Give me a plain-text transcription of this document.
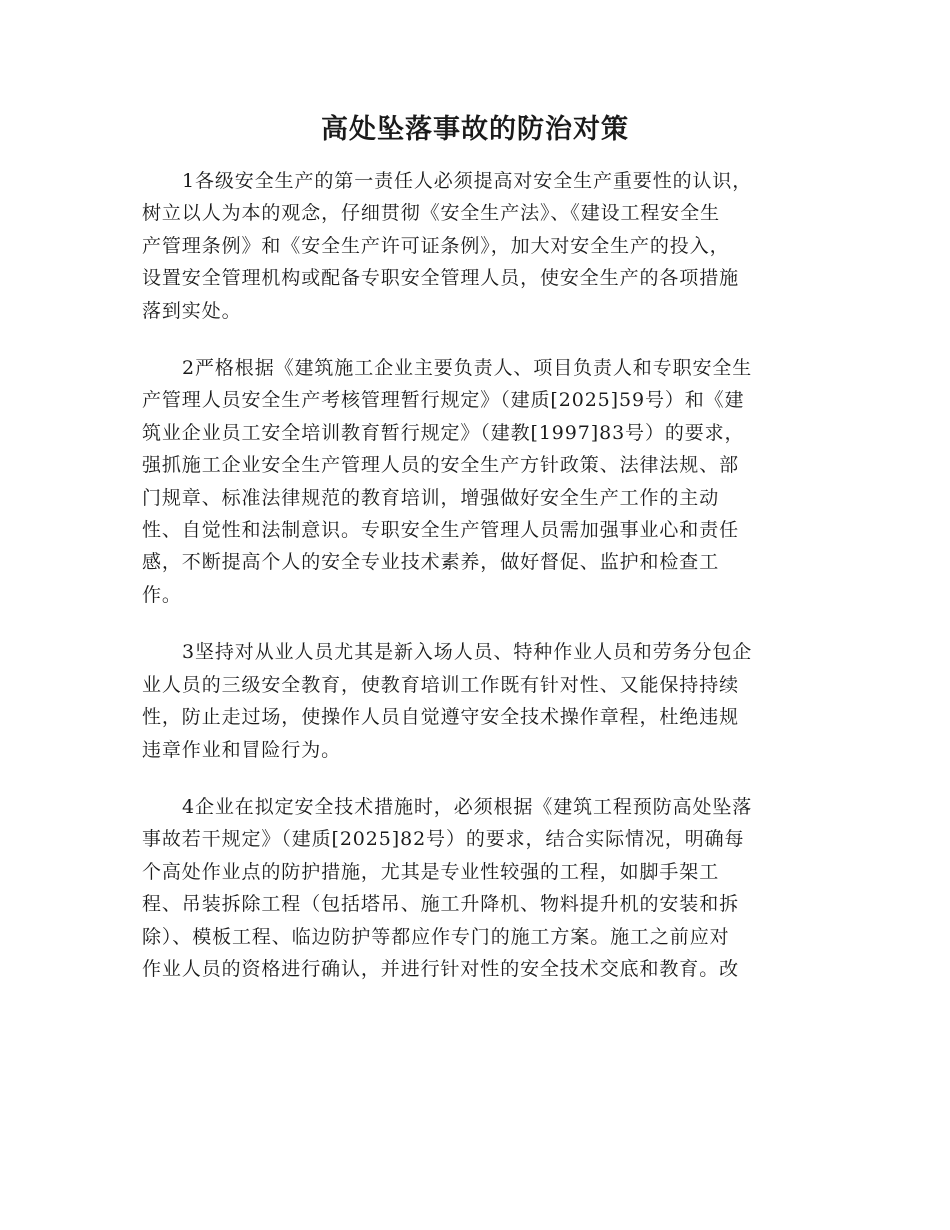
高处坠落事故的防治对策
1各级安全生产的第一责任人必须提高对安全生产重要性的认识，
树立以人为本的观念，仔细贯彻《安全生产法》、《建设工程安全生
产管理条例》和《安全生产许可证条例》，加大对安全生产的投入，
设置安全管理机构或配备专职安全管理人员，使安全生产的各项措施
落到实处。
2严格根据《建筑施工企业主要负责人、项目负责人和专职安全生
产管理人员安全生产考核管理暂行规定》（建质[2025]59号）和《建
筑业企业员工安全培训教育暂行规定》（建教[1997]83号）的要求，
强抓施工企业安全生产管理人员的安全生产方针政策、法律法规、部
门规章、标准法律规范的教育培训，增强做好安全生产工作的主动
性、自觉性和法制意识。专职安全生产管理人员需加强事业心和责任
感，不断提高个人的安全专业技术素养，做好督促、监护和检查工
作。
3坚持对从业人员尤其是新入场人员、特种作业人员和劳务分包企
业人员的三级安全教育，使教育培训工作既有针对性、又能保持持续
性，防止走过场，使操作人员自觉遵守安全技术操作章程，杜绝违规
违章作业和冒险行为。
4企业在拟定安全技术措施时，必须根据《建筑工程预防高处坠落
事故若干规定》（建质[2025]82号）的要求，结合实际情况，明确每
个高处作业点的防护措施，尤其是专业性较强的工程，如脚手架工
程、吊装拆除工程（包括塔吊、施工升降机、物料提升机的安装和拆
除）、模板工程、临边防护等都应作专门的施工方案。施工之前应对
作业人员的资格进行确认，并进行针对性的安全技术交底和教育。改
